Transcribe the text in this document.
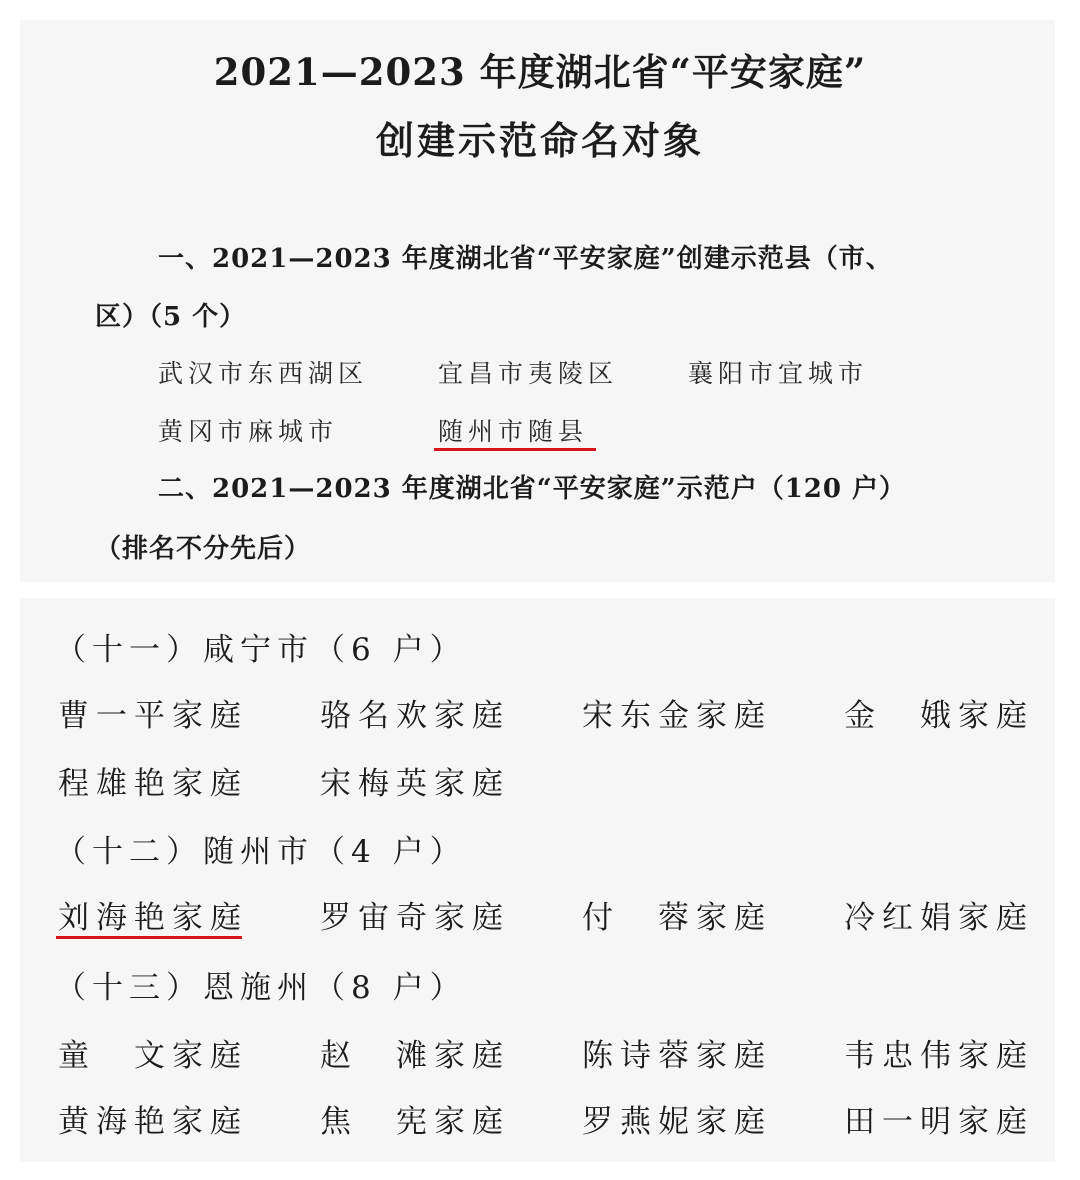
2021—2023 年度湖北省“平安家庭”
创建示范命名对象
一、2021—2023 年度湖北省“平安家庭”创建示范县（市、
区）（5 个）
武汉市东西湖区	宜昌市夷陵区	襄阳市宜城市
黄冈市麻城市	随州市随县
二、2021—2023 年度湖北省“平安家庭”示范户（120 户）
（排名不分先后）
（十一）咸宁市（6 户）
曹一平家庭 骆名欢家庭 宋东金家庭 金　娥家庭
程雄艳家庭 宋梅英家庭
（十二）随州市（4 户）
刘海艳家庭 罗宙奇家庭 付　蓉家庭 冷红娟家庭
（十三）恩施州（8 户）
童　文家庭 赵　滩家庭 陈诗蓉家庭 韦忠伟家庭
黄海艳家庭 焦　宪家庭 罗燕妮家庭 田一明家庭
